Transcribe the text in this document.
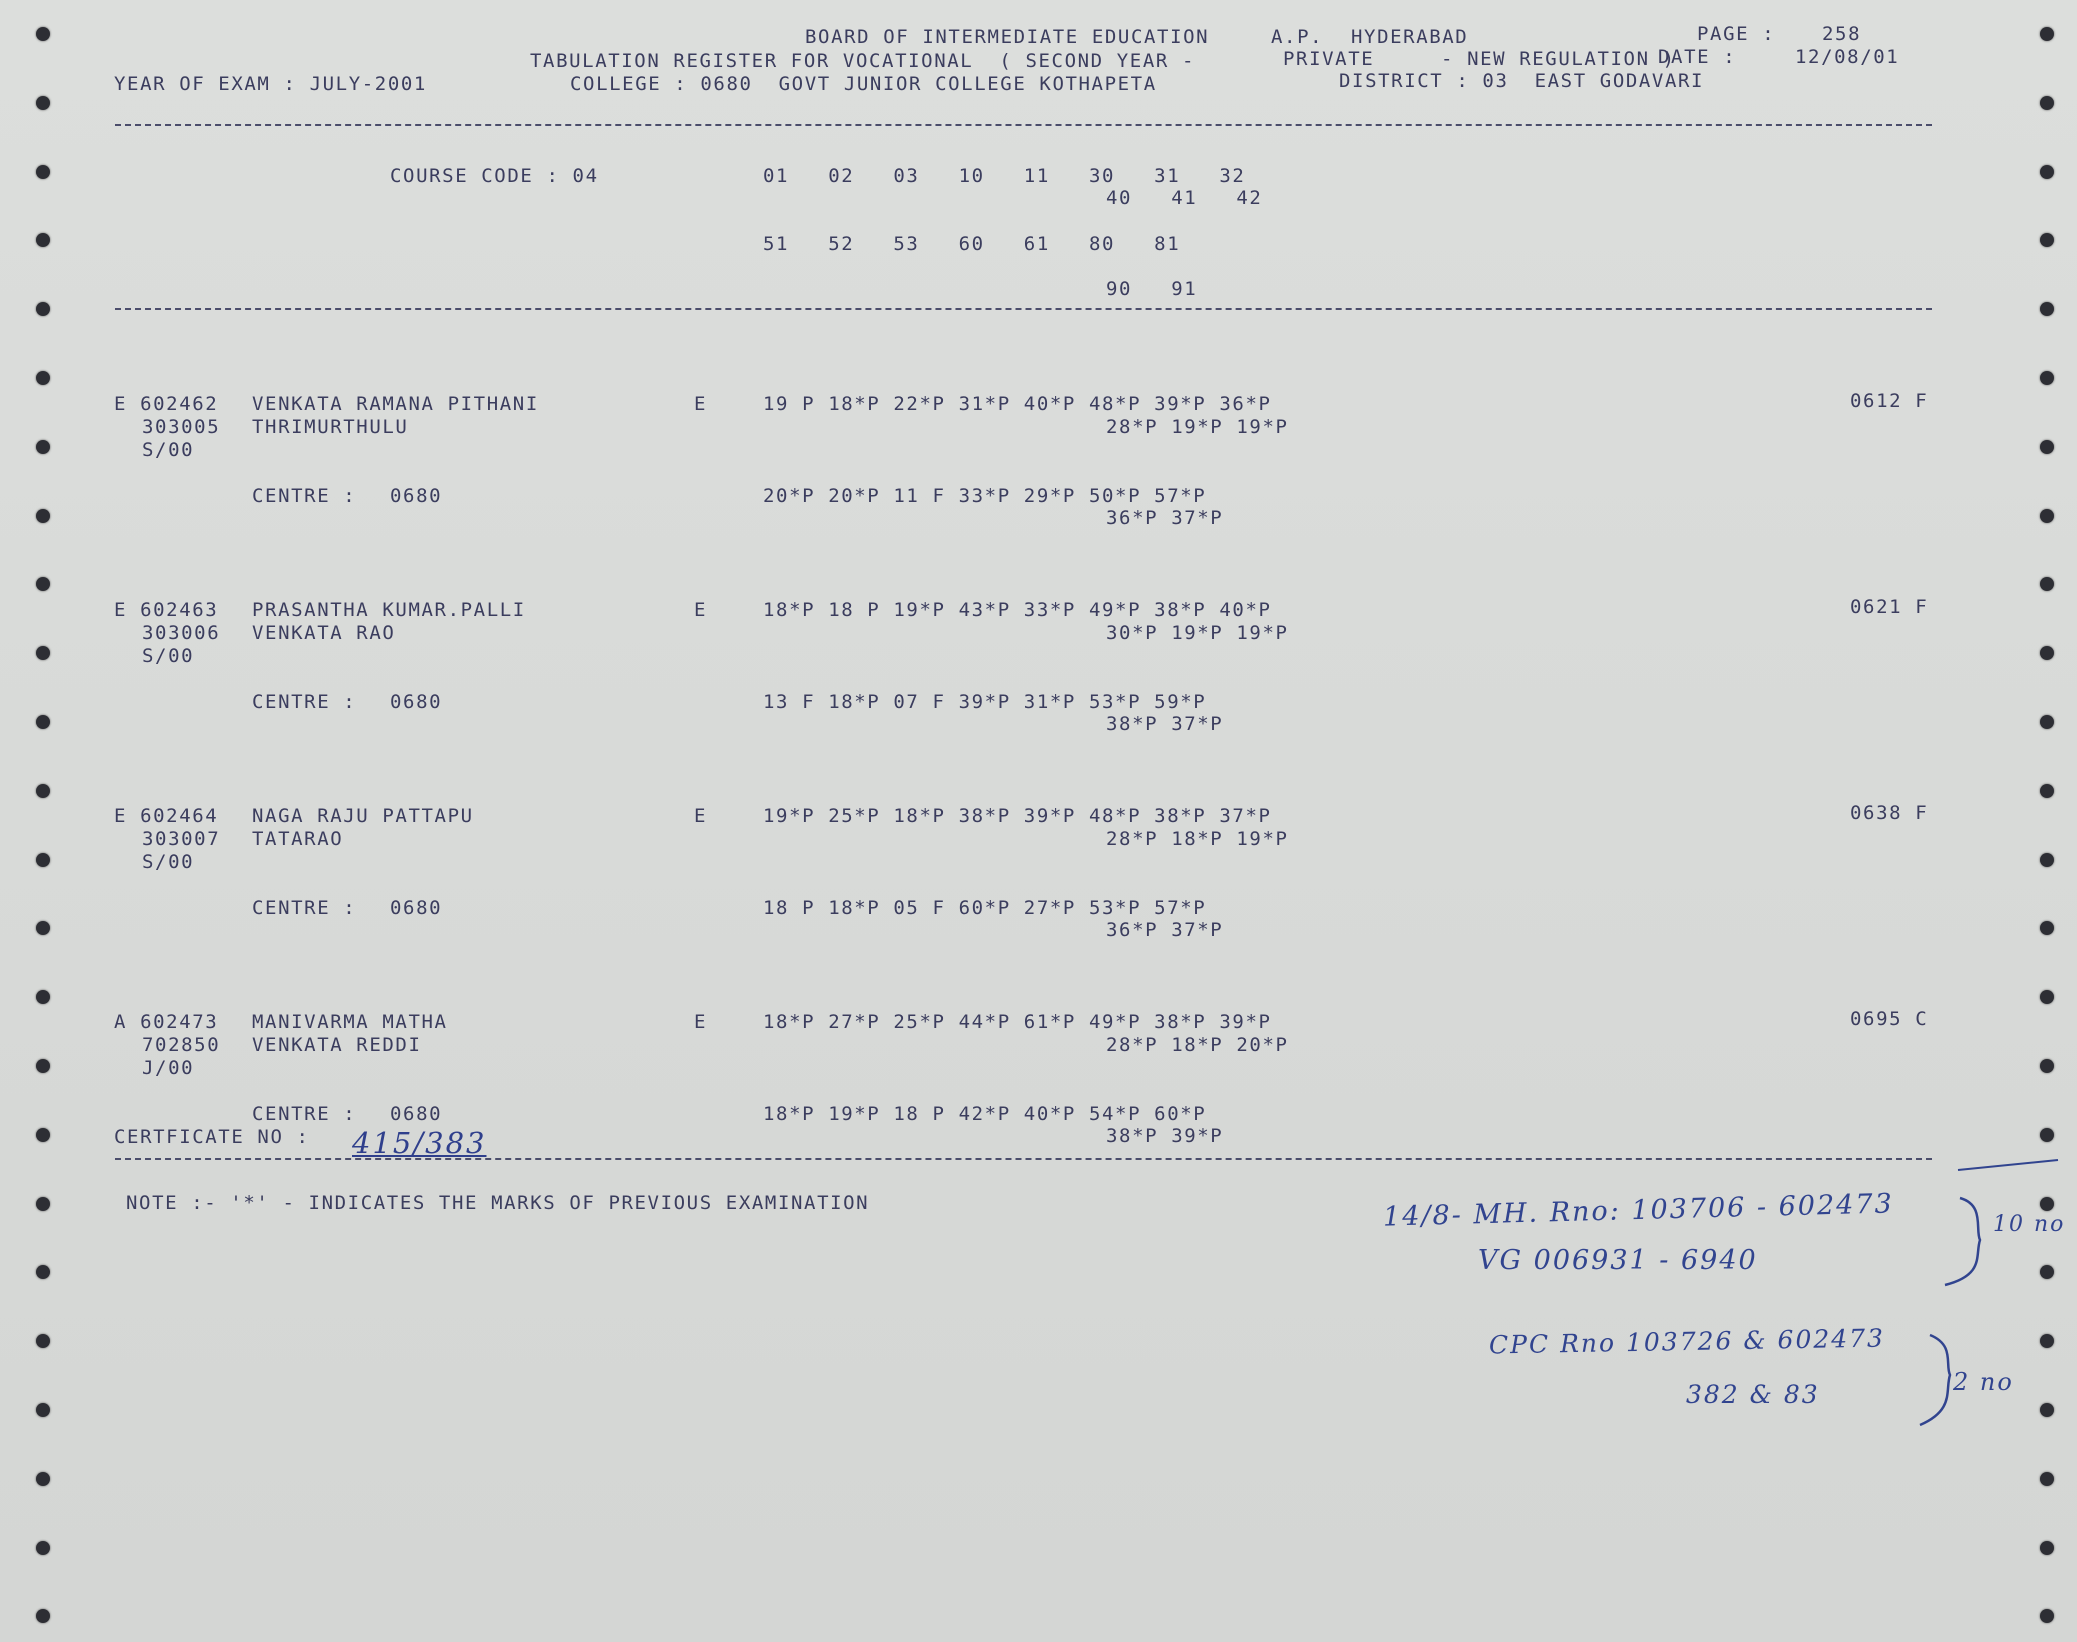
BOARD OF INTERMEDIATE EDUCATION	A.P. HYDERABAD	PAGE : 258
TABULATION REGISTER FOR VOCATIONAL  ( SECOND YEAR -	PRIVATE	- NEW REGULATION )
DATE :	12/08/01
YEAR OF EXAM : JULY-2001	COLLEGE : 0680  GOVT JUNIOR COLLEGE KOTHAPETA	DISTRICT : 03  EAST GODAVARI
COURSE CODE : 04	01   02   03   10   11   30   31   32
40   41   42
51   52   53   60   61   80   81
90   91
E 602462 VENKATA RAMANA PITHANI	E	19 P 18*P 22*P 31*P 40*P 48*P 39*P 36*P	0612 F
303005 THRIMURTHULU	28*P 19*P 19*P
S/00
CENTRE : 0680	20*P 20*P 11 F 33*P 29*P 50*P 57*P
36*P 37*P
E 602463 PRASANTHA KUMAR.PALLI	E	18*P 18 P 19*P 43*P 33*P 49*P 38*P 40*P	0621 F
303006 VENKATA RAO	30*P 19*P 19*P
S/00
CENTRE : 0680	13 F 18*P 07 F 39*P 31*P 53*P 59*P
38*P 37*P
E 602464 NAGA RAJU PATTAPU	E	19*P 25*P 18*P 38*P 39*P 48*P 38*P 37*P	0638 F
303007 TATARAO	28*P 18*P 19*P
S/00
CENTRE : 0680	18 P 18*P 05 F 60*P 27*P 53*P 57*P
36*P 37*P
A 602473 MANIVARMA MATHA	E	18*P 27*P 25*P 44*P 61*P 49*P 38*P 39*P	0695 C
702850 VENKATA REDDI	28*P 18*P 20*P
J/00
CENTRE : 0680	18*P 19*P 18 P 42*P 40*P 54*P 60*P
38*P 39*P
CERTFICATE NO : 415/383
NOTE :- '*' - INDICATES THE MARKS OF PREVIOUS EXAMINATION	14/8- MH. Rno: 103706 - 602473	10 no
VG 006931 - 6940
CPC Rno 103726 & 602473
382 & 83	2 no
